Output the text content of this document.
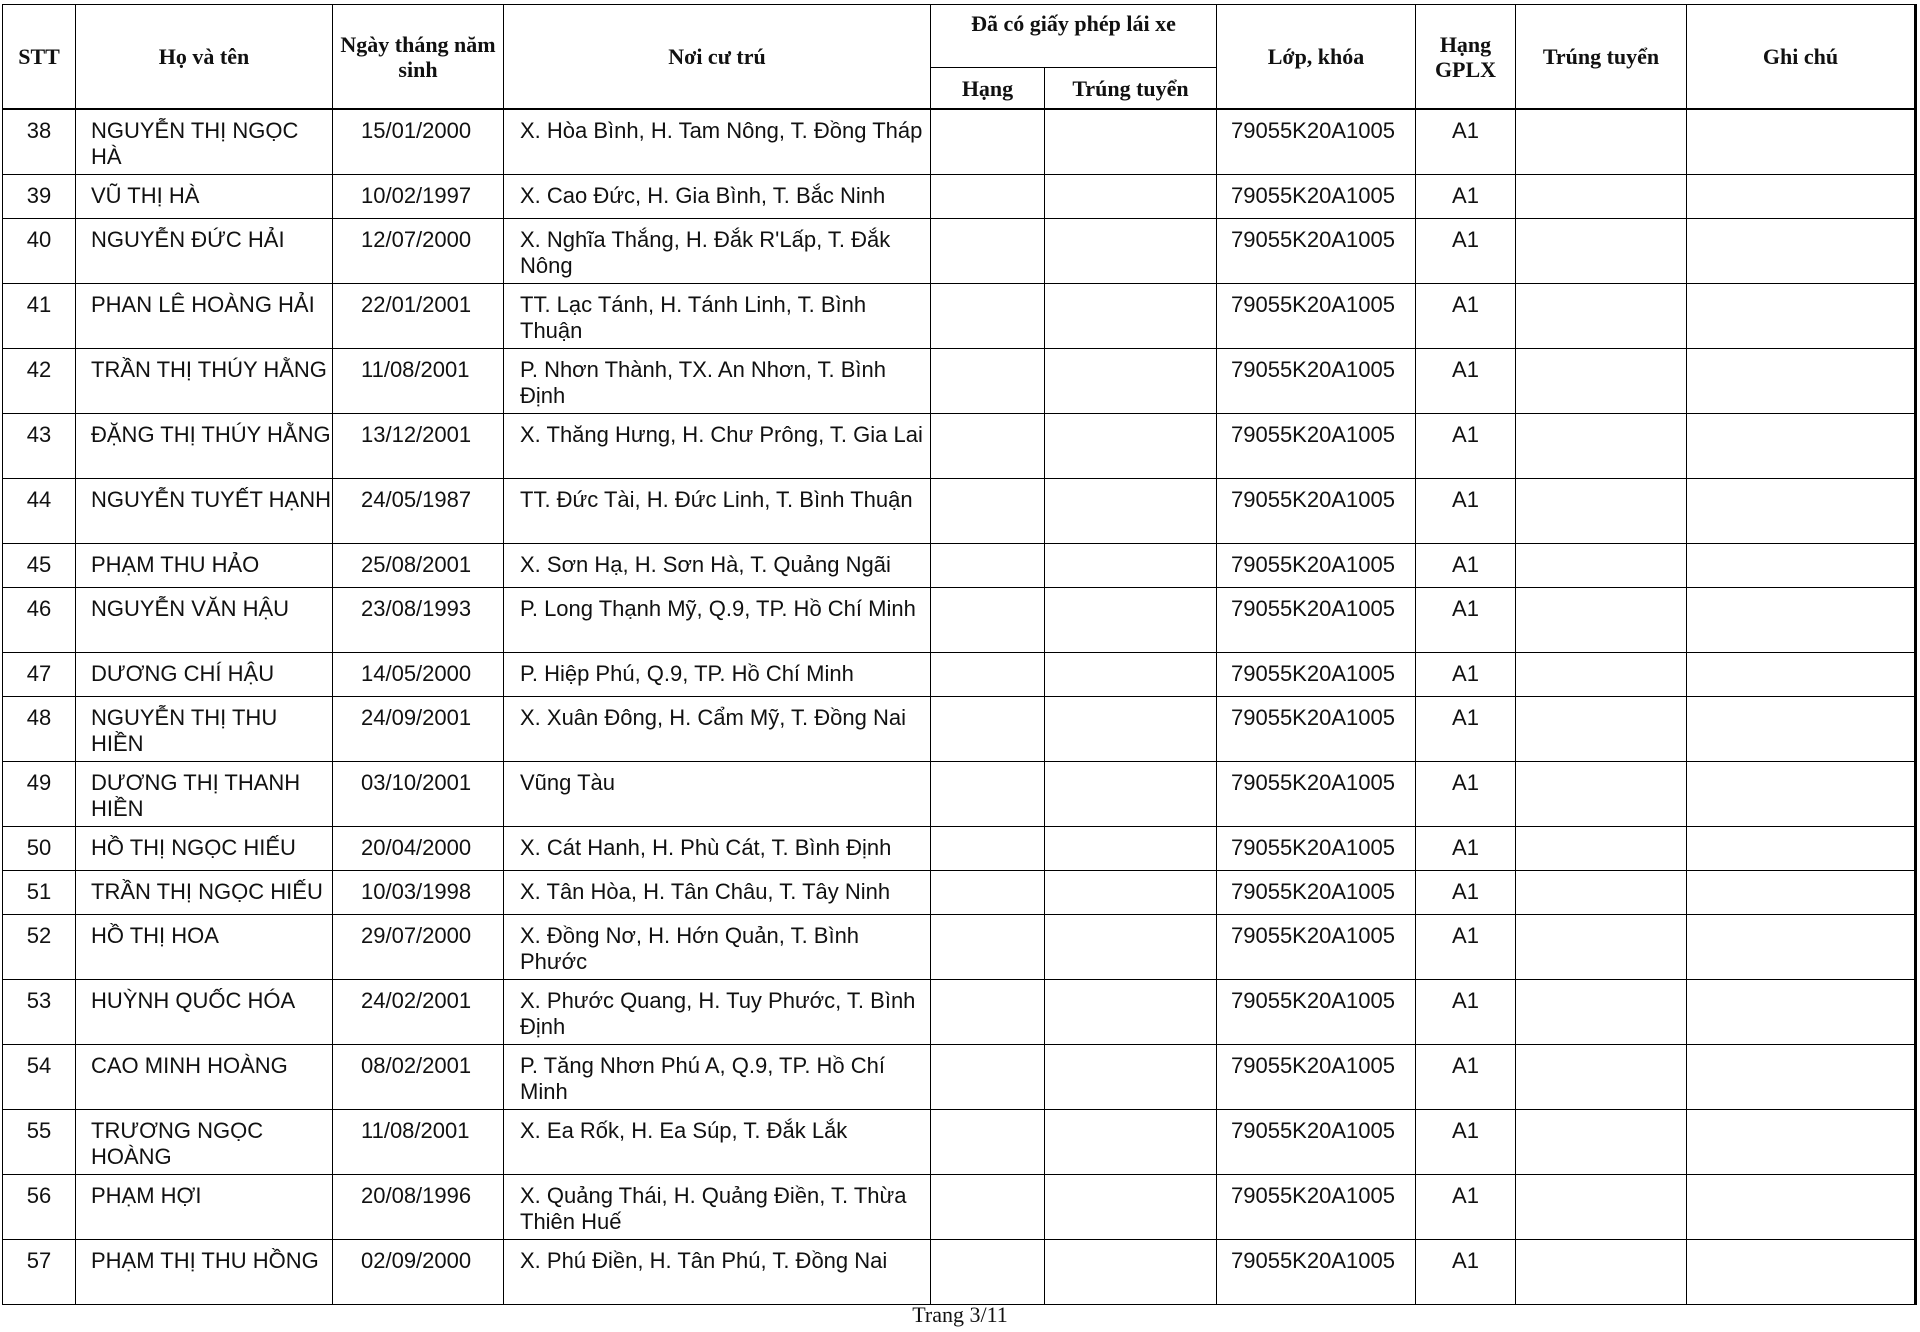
STT	Họ và tên	Ngày tháng năm sinh	Nơi cư trú	Đã có giấy phép lái xe		Lớp, khóa	Hạng GPLX	Trúng tuyển	Ghi chú
				Hạng	Trúng tuyển				
38	NGUYỄN THỊ NGỌC HÀ	15/01/2000	X. Hòa Bình, H. Tam Nông, T. Đồng Tháp			79055K20A1005	A1		
39	VŨ THỊ HÀ	10/02/1997	X. Cao Đức, H. Gia Bình, T. Bắc Ninh			79055K20A1005	A1		
40	NGUYỄN ĐỨC HẢI	12/07/2000	X. Nghĩa Thắng, H. Đắk R'Lấp, T. Đắk Nông			79055K20A1005	A1		
41	PHAN LÊ HOÀNG HẢI	22/01/2001	TT. Lạc Tánh, H. Tánh Linh, T. Bình Thuận			79055K20A1005	A1		
42	TRẦN THỊ THÚY HẰNG	11/08/2001	P. Nhơn Thành, TX. An Nhơn, T. Bình Định			79055K20A1005	A1		
43	ĐẶNG THỊ THÚY HẰNG	13/12/2001	X. Thăng Hưng, H. Chư Prông, T. Gia Lai			79055K20A1005	A1		
44	NGUYỄN TUYẾT HẠNH	24/05/1987	TT. Đức Tài, H. Đức Linh, T. Bình Thuận			79055K20A1005	A1		
45	PHẠM THU HẢO	25/08/2001	X. Sơn Hạ, H. Sơn Hà, T. Quảng Ngãi			79055K20A1005	A1		
46	NGUYỄN VĂN HẬU	23/08/1993	P. Long Thạnh Mỹ, Q.9, TP. Hồ Chí Minh			79055K20A1005	A1		
47	DƯƠNG CHÍ HẬU	14/05/2000	P. Hiệp Phú, Q.9, TP. Hồ Chí Minh			79055K20A1005	A1		
48	NGUYỄN THỊ THU HIỀN	24/09/2001	X. Xuân Đông, H. Cẩm Mỹ, T. Đồng Nai			79055K20A1005	A1		
49	DƯƠNG THỊ THANH HIỀN	03/10/2001	Vũng Tàu			79055K20A1005	A1		
50	HỒ THỊ NGỌC HIẾU	20/04/2000	X. Cát Hanh, H. Phù Cát, T. Bình Định			79055K20A1005	A1		
51	TRẦN THỊ NGỌC HIẾU	10/03/1998	X. Tân Hòa, H. Tân Châu, T. Tây Ninh			79055K20A1005	A1		
52	HỒ THỊ HOA	29/07/2000	X. Đồng Nơ, H. Hớn Quản, T. Bình Phước			79055K20A1005	A1		
53	HUỲNH QUỐC HÓA	24/02/2001	X. Phước Quang, H. Tuy Phước, T. Bình Định			79055K20A1005	A1		
54	CAO MINH HOÀNG	08/02/2001	P. Tăng Nhơn Phú A, Q.9, TP. Hồ Chí Minh			79055K20A1005	A1		
55	TRƯƠNG NGỌC HOÀNG	11/08/2001	X. Ea Rốk, H. Ea Súp, T. Đắk Lắk			79055K20A1005	A1		
56	PHẠM HỢI	20/08/1996	X. Quảng Thái, H. Quảng Điền, T. Thừa Thiên Huế			79055K20A1005	A1		
57	PHẠM THỊ THU HỒNG	02/09/2000	X. Phú Điền, H. Tân Phú, T. Đồng Nai			79055K20A1005	A1		
Trang 3/11
